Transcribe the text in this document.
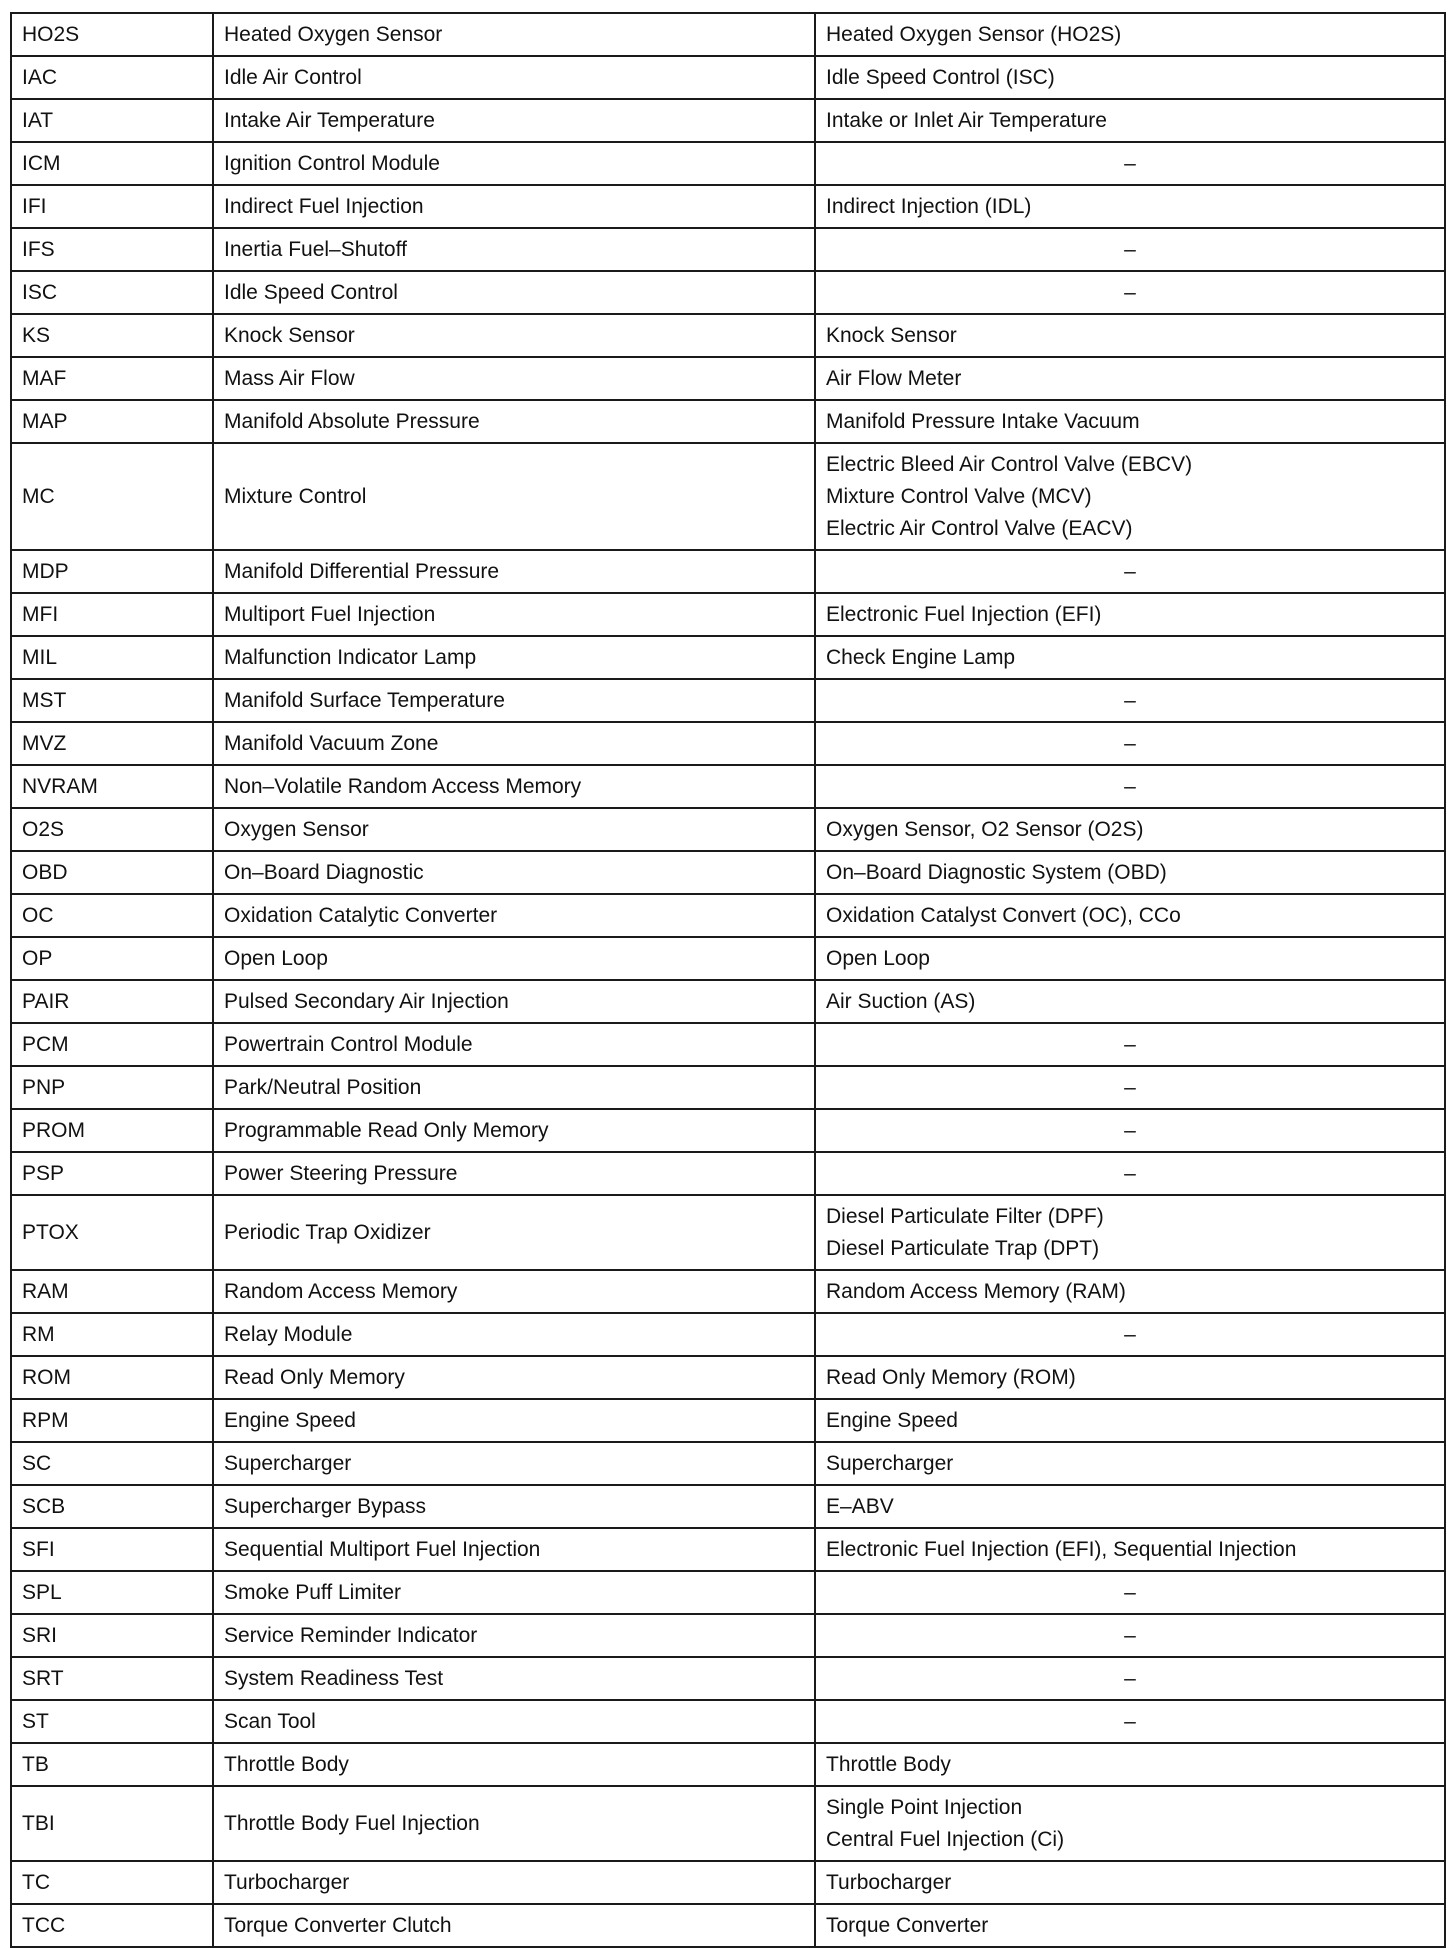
HO2S	Heated Oxygen Sensor	Heated Oxygen Sensor (HO2S)

IAC	Idle Air Control	Idle Speed Control (ISC)

IAT	Intake Air Temperature	Intake or Inlet Air Temperature

ICM	Ignition Control Module	–

IFI	Indirect Fuel Injection	Indirect Injection (IDL)

IFS	Inertia Fuel–Shutoff	–

ISC	Idle Speed Control	–

KS	Knock Sensor	Knock Sensor

MAF	Mass Air Flow	Air Flow Meter

MAP	Manifold Absolute Pressure	Manifold Pressure Intake Vacuum

MC	Mixture Control	Electric Bleed Air Control Valve (EBCV)
Mixture Control Valve (MCV)
Electric Air Control Valve (EACV)

MDP	Manifold Differential Pressure	–

MFI	Multiport Fuel Injection	Electronic Fuel Injection (EFI)

MIL	Malfunction Indicator Lamp	Check Engine Lamp

MST	Manifold Surface Temperature	–

MVZ	Manifold Vacuum Zone	–

NVRAM	Non–Volatile Random Access Memory	–

O2S	Oxygen Sensor	Oxygen Sensor, O2 Sensor (O2S)

OBD	On–Board Diagnostic	On–Board Diagnostic System (OBD)

OC	Oxidation Catalytic Converter	Oxidation Catalyst Convert (OC), CCo

OP	Open Loop	Open Loop

PAIR	Pulsed Secondary Air Injection	Air Suction (AS)

PCM	Powertrain Control Module	–

PNP	Park/Neutral Position	–

PROM	Programmable Read Only Memory	–

PSP	Power Steering Pressure	–

PTOX	Periodic Trap Oxidizer	Diesel Particulate Filter (DPF)
Diesel Particulate Trap (DPT)

RAM	Random Access Memory	Random Access Memory (RAM)

RM	Relay Module	–

ROM	Read Only Memory	Read Only Memory (ROM)

RPM	Engine Speed	Engine Speed

SC	Supercharger	Supercharger

SCB	Supercharger Bypass	E–ABV

SFI	Sequential Multiport Fuel Injection	Electronic Fuel Injection (EFI), Sequential Injection

SPL	Smoke Puff Limiter	–

SRI	Service Reminder Indicator	–

SRT	System Readiness Test	–

ST	Scan Tool	–

TB	Throttle Body	Throttle Body

TBI	Throttle Body Fuel Injection	Single Point Injection
Central Fuel Injection (Ci)

TC	Turbocharger	Turbocharger

TCC	Torque Converter Clutch	Torque Converter
